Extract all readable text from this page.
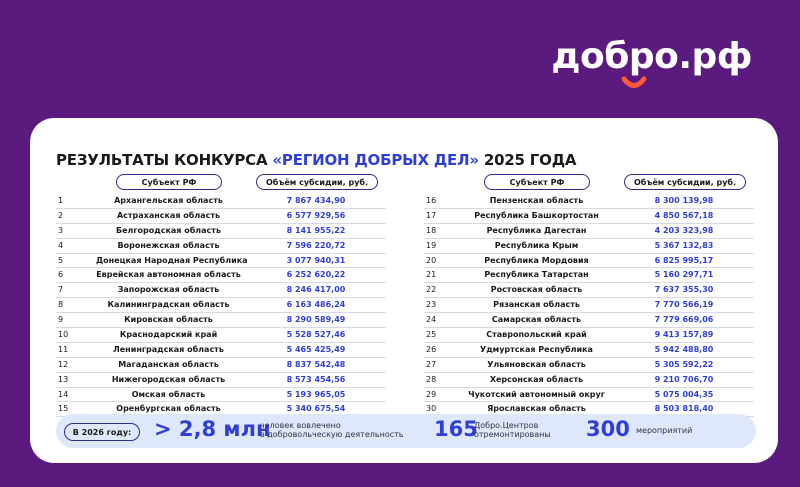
добро.рф
РЕЗУЛЬТАТЫ КОНКУРСА «РЕГИОН ДОБРЫХ ДЕЛ» 2025 ГОДА
Субъект РФ	Объём субсидии, руб.
1	Архангельская область	7 867 434,90
2	Астраханская область	6 577 929,56
3	Белгородская область	8 141 955,22
4	Воронежская область	7 596 220,72
5	Донецкая Народная Республика	3 077 940,31
6	Еврейская автономная область	6 252 620,22
7	Запорожская область	8 246 417,00
8	Калининградская область	6 163 486,24
9	Кировская область	8 290 589,49
10	Краснодарский край	5 528 527,46
11	Ленинградская область	5 465 425,49
12	Магаданская область	8 837 542,48
13	Нижегородская область	8 573 454,56
14	Омская область	5 193 965,05
15	Оренбургская область	5 340 675,54
Субъект РФ	Объём субсидии, руб.
16	Пензенская область	8 300 139,98
17	Республика Башкортостан	4 850 567,18
18	Республика Дагестан	4 203 323,98
19	Республика Крым	5 367 132,83
20	Республика Мордовия	6 825 995,17
21	Республика Татарстан	5 160 297,71
22	Ростовская область	7 637 355,30
23	Рязанская область	7 770 566,19
24	Самарская область	7 779 669,06
25	Ставропольский край	9 413 157,89
26	Удмуртская Республика	5 942 488,80
27	Ульяновская область	5 305 592,22
28	Херсонская область	9 210 706,70
29	Чукотский автономный округ	5 075 004,35
30	Ярославская область	8 503 818,40
В 2026 году:	> 2,8 млн
человек вовлечено
в добровольческую деятельность 165
Добро.Центров
отремонтированы 300 мероприятий
